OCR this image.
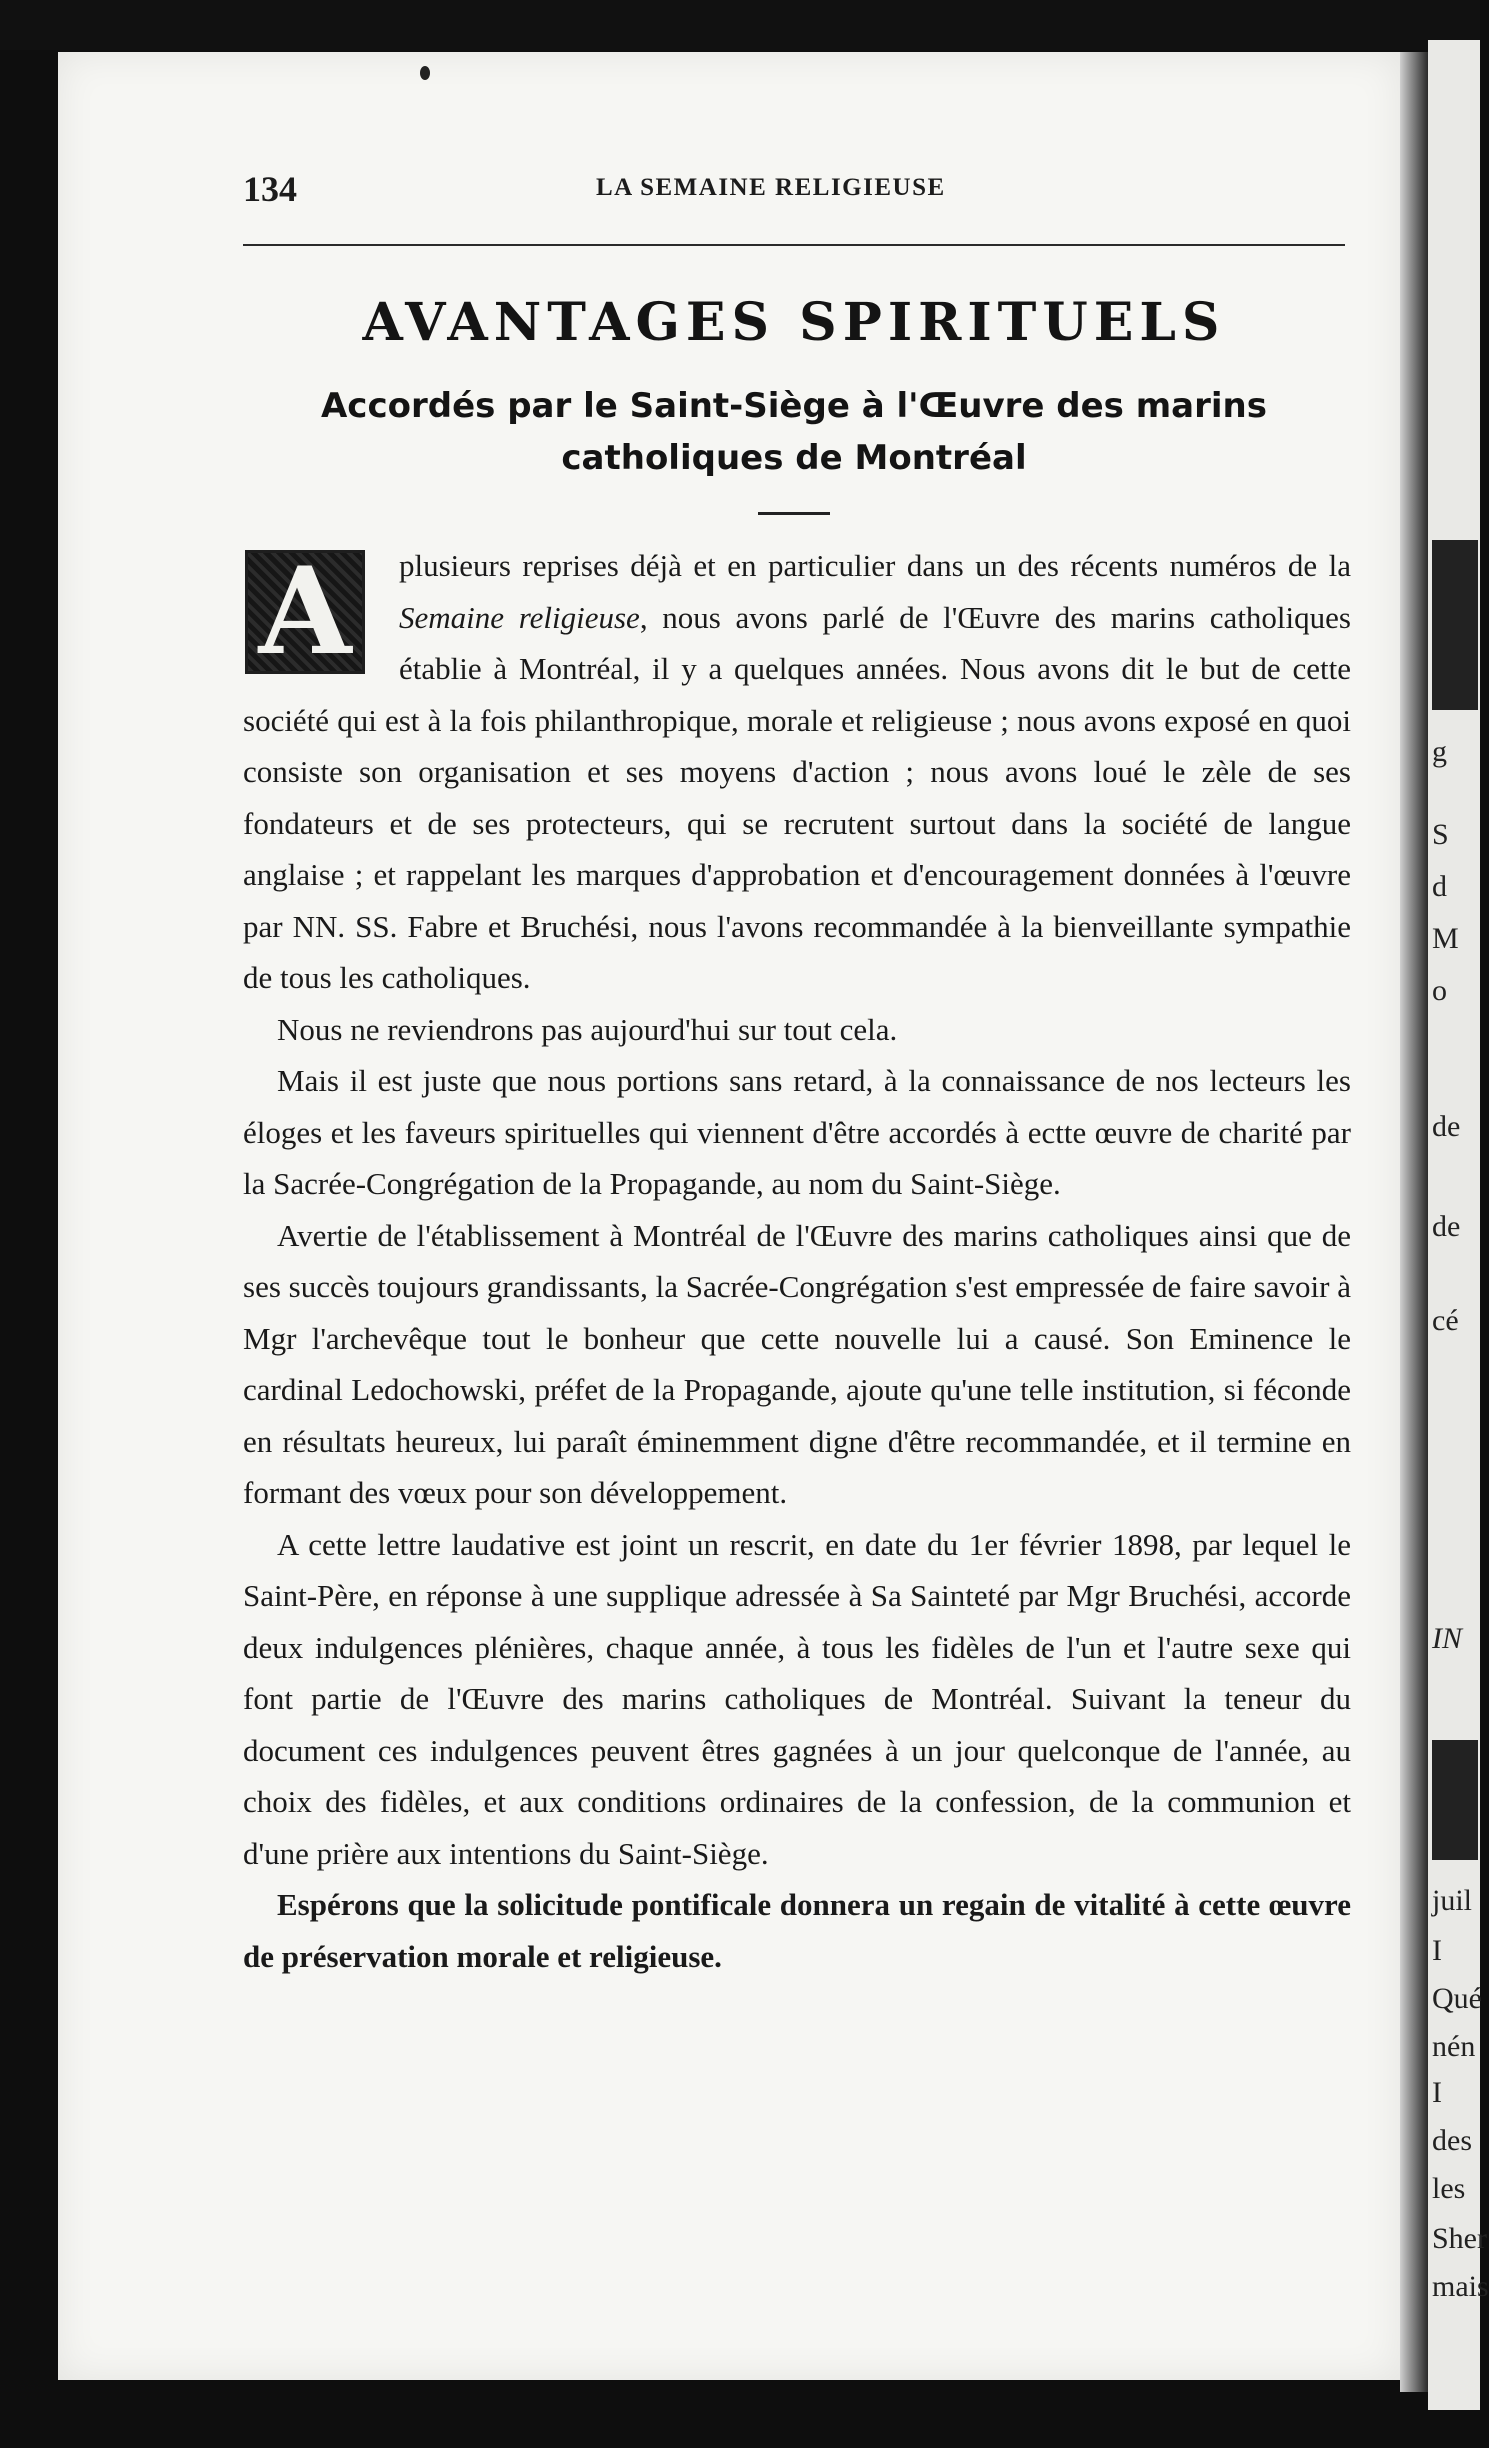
g
S
d
M
o
de
de
cé
IN
juil
I
Qué
nén
I
des
les
Sher
mais
134	LA SEMAINE RELIGIEUSE
AVANTAGES SPIRITUELS
Accordés par le Saint-Siège à l'Œuvre des marins catholiques de Montréal

A plusieurs reprises déjà et en particulier dans un des récents numéros de la Semaine religieuse, nous avons parlé de l'Œuvre des marins catholiques établie à Montréal, il y a quelques années. Nous avons dit le but de cette société qui est à la fois philanthropique, morale et religieuse ; nous avons exposé en quoi consiste son organisation et ses moyens d'action ; nous avons loué le zèle de ses fondateurs et de ses protecteurs, qui se recrutent surtout dans la société de langue anglaise ; et rappelant les marques d'approbation et d'encouragement données à l'œuvre par NN. SS. Fabre et Bruchési, nous l'avons recommandée à la bienveillante sympathie de tous les catholiques.

Nous ne reviendrons pas aujourd'hui sur tout cela.

Mais il est juste que nous portions sans retard, à la connaissance de nos lecteurs les éloges et les faveurs spirituelles qui viennent d'être accordés à ectte œuvre de charité par la Sacrée-Congrégation de la Propagande, au nom du Saint-Siège.

Avertie de l'établissement à Montréal de l'Œuvre des marins catholiques ainsi que de ses succès toujours grandissants, la Sacrée-Congrégation s'est empressée de faire savoir à Mgr l'archevêque tout le bonheur que cette nouvelle lui a causé. Son Eminence le cardinal Ledochowski, préfet de la Propagande, ajoute qu'une telle institution, si féconde en résultats heureux, lui paraît éminemment digne d'être recommandée, et il termine en formant des vœux pour son développement.

A cette lettre laudative est joint un rescrit, en date du 1er février 1898, par lequel le Saint-Père, en réponse à une supplique adressée à Sa Sainteté par Mgr Bruchési, accorde deux indulgences plénières, chaque année, à tous les fidèles de l'un et l'autre sexe qui font partie de l'Œuvre des marins catholiques de Montréal. Suivant la teneur du document ces indulgences peuvent êtres gagnées à un jour quelconque de l'année, au choix des fidèles, et aux conditions ordinaires de la confession, de la communion et d'une prière aux intentions du Saint-Siège.

Espérons que la solicitude pontificale donnera un regain de vitalité à cette œuvre de préservation morale et religieuse.
